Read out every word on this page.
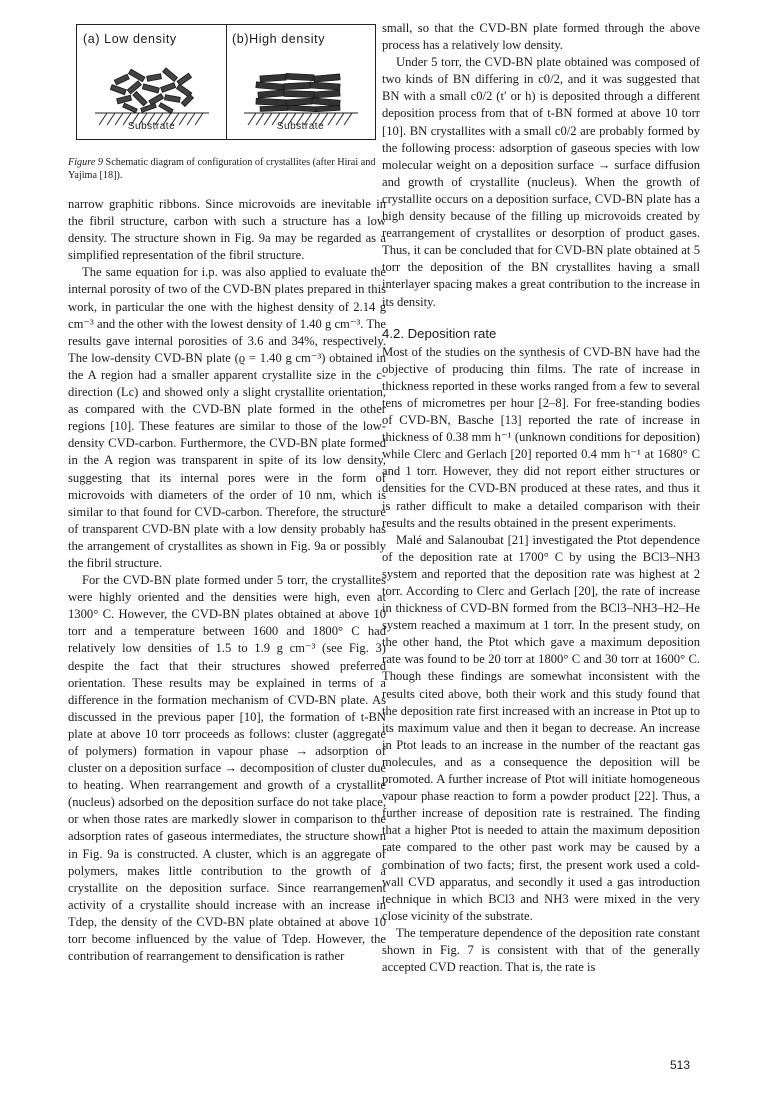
(a) Low density
Substrate
(b)High density
Substrate
Figure 9 Schematic diagram of configuration of crystallites (after Hirai and Yajima [18]).

narrow graphitic ribbons. Since microvoids are inevitable in the fibril structure, carbon with such a structure has a low density. The structure shown in Fig. 9a may be regarded as a simplified representation of the fibril structure.

The same equation for i.p. was also applied to evaluate the internal porosity of two of the CVD-BN plates prepared in this work, in particular the one with the highest density of 2.14 g cm⁻³ and the other with the lowest density of 1.40 g cm⁻³. The results gave internal porosities of 3.6 and 34%, respectively. The low-density CVD-BN plate (ϱ = 1.40 g cm⁻³) obtained in the A region had a smaller apparent crystallite size in the c-direction (Lc) and showed only a slight crystallite orientation, as compared with the CVD-BN plate formed in the other regions [10]. These features are similar to those of the low-density CVD-carbon. Furthermore, the CVD-BN plate formed in the A region was transparent in spite of its low density, suggesting that its internal pores were in the form of microvoids with diameters of the order of 10 nm, which is similar to that found for CVD-carbon. Therefore, the structure of transparent CVD-BN plate with a low density probably has the arrangement of crystallites as shown in Fig. 9a or possibly the fibril structure.

For the CVD-BN plate formed under 5 torr, the crystallites were highly oriented and the densities were high, even at 1300° C. However, the CVD-BN plates obtained at above 10 torr and a temperature between 1600 and 1800° C had relatively low densities of 1.5 to 1.9 g cm⁻³ (see Fig. 3) despite the fact that their structures showed preferred orientation. These results may be explained in terms of a difference in the formation mechanism of CVD-BN plate. As discussed in the previous paper [10], the formation of t-BN plate at above 10 torr proceeds as follows: cluster (aggregate of polymers) formation in vapour phase → adsorption of cluster on a deposition surface → decomposition of cluster due to heating. When rearrangement and growth of a crystallite (nucleus) adsorbed on the deposition surface do not take place, or when those rates are markedly slower in comparison to the adsorption rates of gaseous intermediates, the structure shown in Fig. 9a is constructed. A cluster, which is an aggregate of polymers, makes little contribution to the growth of a crystallite on the deposition surface. Since rearrangement activity of a crystallite should increase with an increase in Tdep, the density of the CVD-BN plate obtained at above 10 torr become influenced by the value of Tdep. However, the contribution of rearrangement to densification is rather

small, so that the CVD-BN plate formed through the above process has a relatively low density.

Under 5 torr, the CVD-BN plate obtained was composed of two kinds of BN differing in c0/2, and it was suggested that BN with a small c0/2 (t′ or h) is deposited through a different deposition process from that of t-BN formed at above 10 torr [10]. BN crystallites with a small c0/2 are probably formed by the following process: adsorption of gaseous species with low molecular weight on a deposition surface → surface diffusion and growth of crystallite (nucleus). When the growth of crystallite occurs on a deposition surface, CVD-BN plate has a high density because of the filling up microvoids created by rearrangement of crystallites or desorption of product gases. Thus, it can be concluded that for CVD-BN plate obtained at 5 torr the deposition of the BN crystallites having a small interlayer spacing makes a great contribution to the increase in its density.

4.2. Deposition rate

Most of the studies on the synthesis of CVD-BN have had the objective of producing thin films. The rate of increase in thickness reported in these works ranged from a few to several tens of micrometres per hour [2–8]. For free-standing bodies of CVD-BN, Basche [13] reported the rate of increase in thickness of 0.38 mm h⁻¹ (unknown conditions for deposition) while Clerc and Gerlach [20] reported 0.4 mm h⁻¹ at 1680° C and 1 torr. However, they did not report either structures or densities for the CVD-BN produced at these rates, and thus it is rather difficult to make a detailed comparison with their results and the results obtained in the present experiments.

Malé and Salanoubat [21] investigated the Ptot dependence of the deposition rate at 1700° C by using the BCl3–NH3 system and reported that the deposition rate was highest at 2 torr. According to Clerc and Gerlach [20], the rate of increase in thickness of CVD-BN formed from the BCl3–NH3–H2–He system reached a maximum at 1 torr. In the present study, on the other hand, the Ptot which gave a maximum deposition rate was found to be 20 torr at 1800° C and 30 torr at 1600° C. Though these findings are somewhat inconsistent with the results cited above, both their work and this study found that the deposition rate first increased with an increase in Ptot up to its maximum value and then it began to decrease. An increase in Ptot leads to an increase in the number of the reactant gas molecules, and as a consequence the deposition will be promoted. A further increase of Ptot will initiate homogeneous vapour phase reaction to form a powder product [22]. Thus, a further increase of deposition rate is restrained. The finding that a higher Ptot is needed to attain the maximum deposition rate compared to the other past work may be caused by a combination of two facts; first, the present work used a cold-wall CVD apparatus, and secondly it used a gas introduction technique in which BCl3 and NH3 were mixed in the very close vicinity of the substrate.

The temperature dependence of the deposition rate constant shown in Fig. 7 is consistent with that of the generally accepted CVD reaction. That is, the rate is

513
